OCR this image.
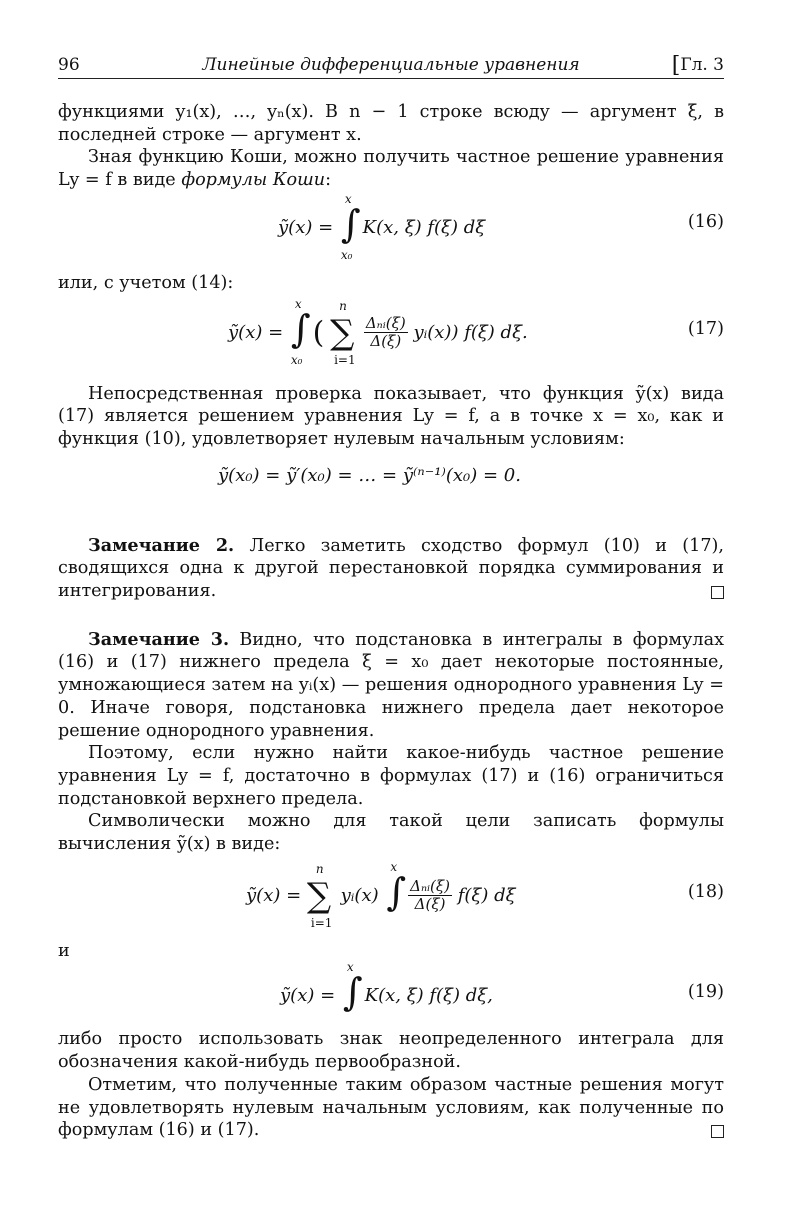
96	Линейные дифференциальные уравнения	[Гл. 3

функциями y₁(x), …, yₙ(x). В n − 1 строке всюду — аргумент ξ, в последней строке — аргумент x.

Зная функцию Коши, можно получить частное решение уравнения Ly = f в виде формулы Коши:

ỹ(x) = ∫
x
x₀
K(x, ξ) f(ξ) dξ	(16)

или, с учетом (14):

ỹ(x) = ∫
x
x₀
( ∑
n
i=1

$\frac{\text{Δₙᵢ(ξ)}}{\Delta(\xi)}$ yᵢ(x)) f(ξ) dξ.	(17)

Непосредственная проверка показывает, что функция ỹ(x) вида (17) является решением уравнения Ly = f, а в точке x = x₀, как и функция (10), удовлетворяет нулевым начальным условиям:

ỹ(x₀) = ỹ′(x₀) = … = ỹ⁽ⁿ⁻¹⁾(x₀) = 0.

Замечание 2. Легко заметить сходство формул (10) и (17), сводящихся одна к другой перестановкой порядка суммирования и интегрирования.

Замечание 3. Видно, что подстановка в интегралы в формулах (16) и (17) нижнего предела ξ = x₀ дает некоторые постоянные, умножающиеся затем на yᵢ(x) — решения однородного уравнения Ly = 0. Иначе говоря, подстановка нижнего предела дает некоторое решение однородного уравнения.

Поэтому, если нужно найти какое-нибудь частное решение уравнения Ly = f, достаточно в формулах (17) и (16) ограничиться подстановкой верхнего предела.

Символически можно для такой цели записать формулы вычисления ỹ(x) в виде:

ỹ(x) = ∑
n
i=1
yᵢ(x) ∫
x

$\frac{\text{Δₙᵢ(ξ)}}{\Delta(\xi)} f(\xi)$ dξ	(18)

и

ỹ(x) = ∫
x
K(x, ξ) f(ξ) dξ,	(19)

либо просто использовать знак неопределенного интеграла для обозначения какой-нибудь первообразной.

Отметим, что полученные таким образом частные решения могут не удовлетворять нулевым начальным условиям, как полученные по формулам (16) и (17).
